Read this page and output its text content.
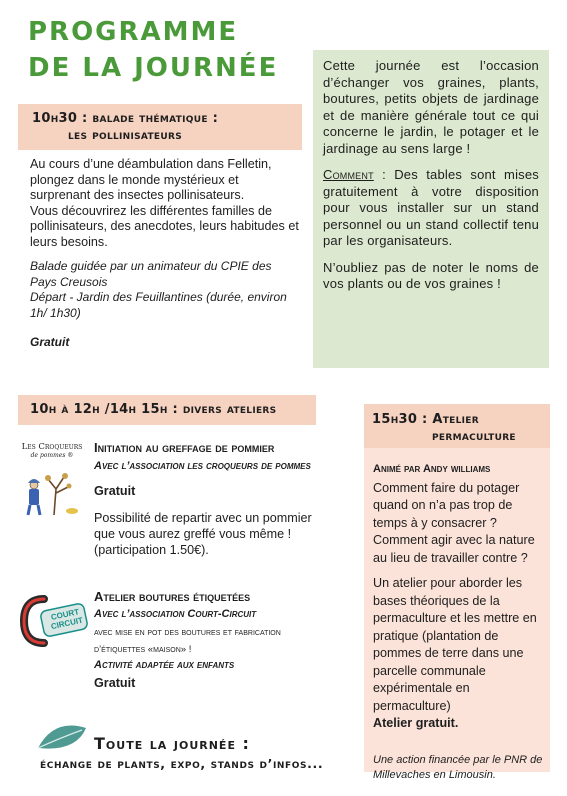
PROGRAMME
DE LA JOURNÉE	Cette journée est l’occasion d’échanger vos graines, plants, boutures, petits objets de jardinage et de manière générale tout ce qui concerne le jardin, le potager et le jardinage au sens large !

Comment : Des tables sont mises gratuitement à votre disposition pour vous installer sur un stand personnel ou un stand collectif tenu par les organisateurs.

N’oubliez pas de noter le noms de vos plants ou de vos graines !

10h30 : balade thématique :
les pollinisateurs

Au cours d’une déambulation dans Felletin, plongez dans le monde mystérieux et surprenant des insectes pollinisateurs.

Vous découvrirez les différentes familles de pollinisateurs, des anecdotes, leurs habitudes et leurs besoins.

Balade guidée par un animateur du CPIE des Pays Creusois

Départ - Jardin des Feuillantines (durée, environ 1h/ 1h30)

Gratuit

10h à 12h /14h 15h : divers ateliers
Les Croqueurs
de pommes ®

Initiation au greffage de pommier

Avec l’association les croqueurs de pommes

Gratuit

Possibilité de repartir avec un pommier que vous aurez greffé vous même ! (participation 1.50€).

COURT CIRCUIT

Atelier boutures étiquetées

Avec l’association Court-Circuit

avec mise en pot des boutures et fabrication d’étiquettes «maison» !

Activité adaptée aux enfants

Gratuit

15h30 : Atelier
permaculture

Animé par Andy williams

Comment faire du potager quand on n’a pas trop de temps à y consacrer ?

Comment agir avec la nature au lieu de travailler contre ?

Un atelier pour aborder les bases théoriques de la permaculture et les mettre en pratique (plantation de pommes de terre dans une parcelle communale expérimentale en permaculture)

Atelier gratuit.

Une action financée par le PNR de Millevaches en Limousin.

Toute la journée :
échange de plants, expo, stands d’infos...
